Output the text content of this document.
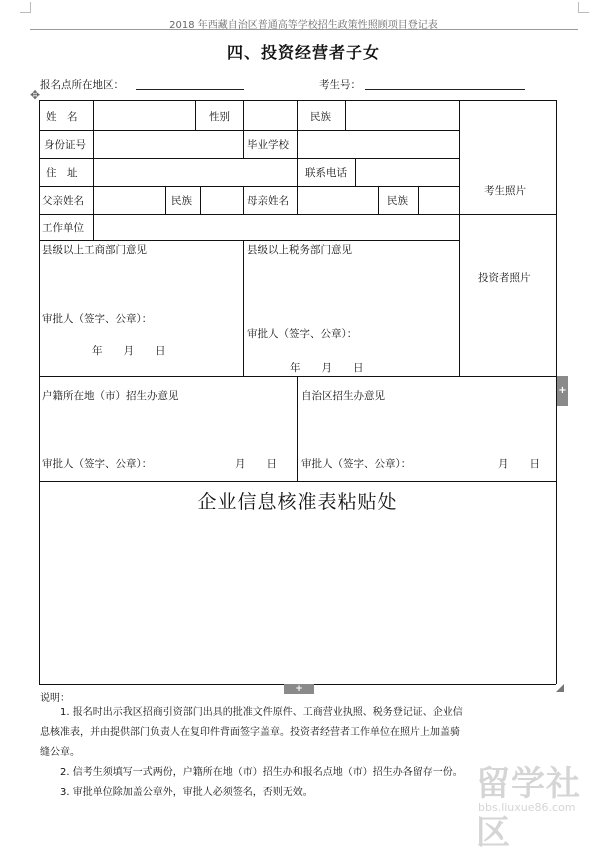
2018 年西藏自治区普通高等学校招生政策性照顾项目登记表
四、投资经营者子女
报名点所在地区：	考生号：
✥
姓　名	性别	民族
身份证号	毕业学校
住　址	联系电话
父亲姓名	民族	母亲姓名	民族
工作单位
考生照片
投资者照片
县级以上工商部门意见
审批人（签字、公章）：
年　　月　　日
县级以上税务部门意见
审批人（签字、公章）：
年　　月　　日
户籍所在地（市）招生办意见
审批人（签字、公章）：	月　　日
自治区招生办意见
审批人（签字、公章）：	月　　日
企业信息核准表粘贴处
+
+
说明：
1. 报名时出示我区招商引资部门出具的批准文件原件、工商营业执照、税务登记证、企业信
息核准表，并由提供部门负责人在复印件背面签字盖章。投资者经营者工作单位在照片上加盖骑
缝公章。
2. 信考生须填写一式两份，户籍所在地（市）招生办和报名点地（市）招生办各留存一份。
3. 审批单位除加盖公章外，审批人必须签名，否则无效。	留学社区
bbs.liuxue86.com
